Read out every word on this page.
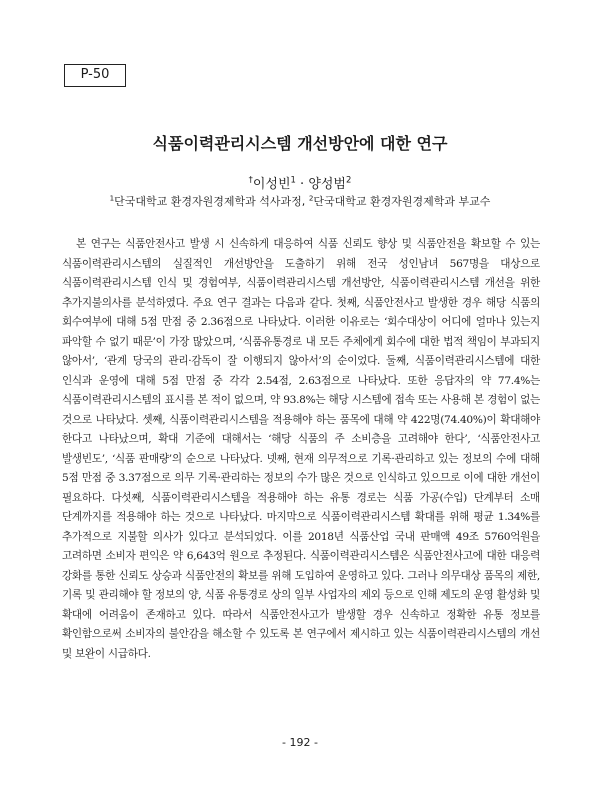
P-50
식품이력관리시스템 개선방안에 대한 연구
†이성빈$^1$ · 양성범$^2$
$^1$단국대학교 환경자원경제학과 석사과정, $^2$단국대학교 환경자원경제학과 부교수

본 연구는 식품안전사고 발생 시 신속하게 대응하여 식품 신뢰도 향상 및 식품안전을 확보할 수 있는 식품이력관리시스템의 실질적인 개선방안을 도출하기 위해 전국 성인남녀 567명을 대상으로 식품이력관리시스템 인식 및 경험여부, 식품이력관리시스템 개선방안, 식품이력관리시스템 개선을 위한 추가지불의사를 분석하였다. 주요 연구 결과는 다음과 같다. 첫째, 식품안전사고 발생한 경우 해당 식품의 회수여부에 대해 5점 만점 중 2.36점으로 나타났다. 이러한 이유로는 ‘회수대상이 어디에 얼마나 있는지 파악할 수 없기 때문’이 가장 많았으며, ‘식품유통경로 내 모든 주체에게 회수에 대한 법적 책임이 부과되지 않아서’, ‘관계 당국의 관리·감독이 잘 이행되지 않아서’의 순이었다. 둘째, 식품이력관리시스템에 대한 인식과 운영에 대해 5점 만점 중 각각 2.54점, 2.63점으로 나타났다. 또한 응답자의 약 77.4%는 식품이력관리시스템의 표시를 본 적이 없으며, 약 93.8%는 해당 시스템에 접속 또는 사용해 본 경험이 없는 것으로 나타났다. 셋째, 식품이력관리시스템을 적용해야 하는 품목에 대해 약 422명(74.40%)이 확대해야 한다고 나타났으며, 확대 기준에 대해서는 ‘해당 식품의 주 소비층을 고려해야 한다’, ‘식품안전사고 발생빈도’, ‘식품 판매량’의 순으로 나타났다. 넷째, 현재 의무적으로 기록·관리하고 있는 정보의 수에 대해 5점 만점 중 3.37점으로 의무 기록·관리하는 정보의 수가 많은 것으로 인식하고 있으므로 이에 대한 개선이 필요하다. 다섯째, 식품이력관리시스템을 적용해야 하는 유통 경로는 식품 가공(수입) 단계부터 소매 단계까지를 적용해야 하는 것으로 나타났다. 마지막으로 식품이력관리시스템 확대를 위해 평균 1.34%를 추가적으로 지불할 의사가 있다고 분석되었다. 이를 2018년 식품산업 국내 판매액 49조 5760억원을 고려하면 소비자 편익은 약 6,643억 원으로 추정된다. 식품이력관리시스템은 식품안전사고에 대한 대응력 강화를 통한 신뢰도 상승과 식품안전의 확보를 위해 도입하여 운영하고 있다. 그러나 의무대상 품목의 제한, 기록 및 관리해야 할 정보의 양, 식품 유통경로 상의 일부 사업자의 제외 등으로 인해 제도의 운영 활성화 및 확대에 어려움이 존재하고 있다. 따라서 식품안전사고가 발생할 경우 신속하고 정확한 유통 정보를 확인함으로써 소비자의 불안감을 해소할 수 있도록 본 연구에서 제시하고 있는 식품이력관리시스템의 개선 및 보완이 시급하다.

- 192 -
